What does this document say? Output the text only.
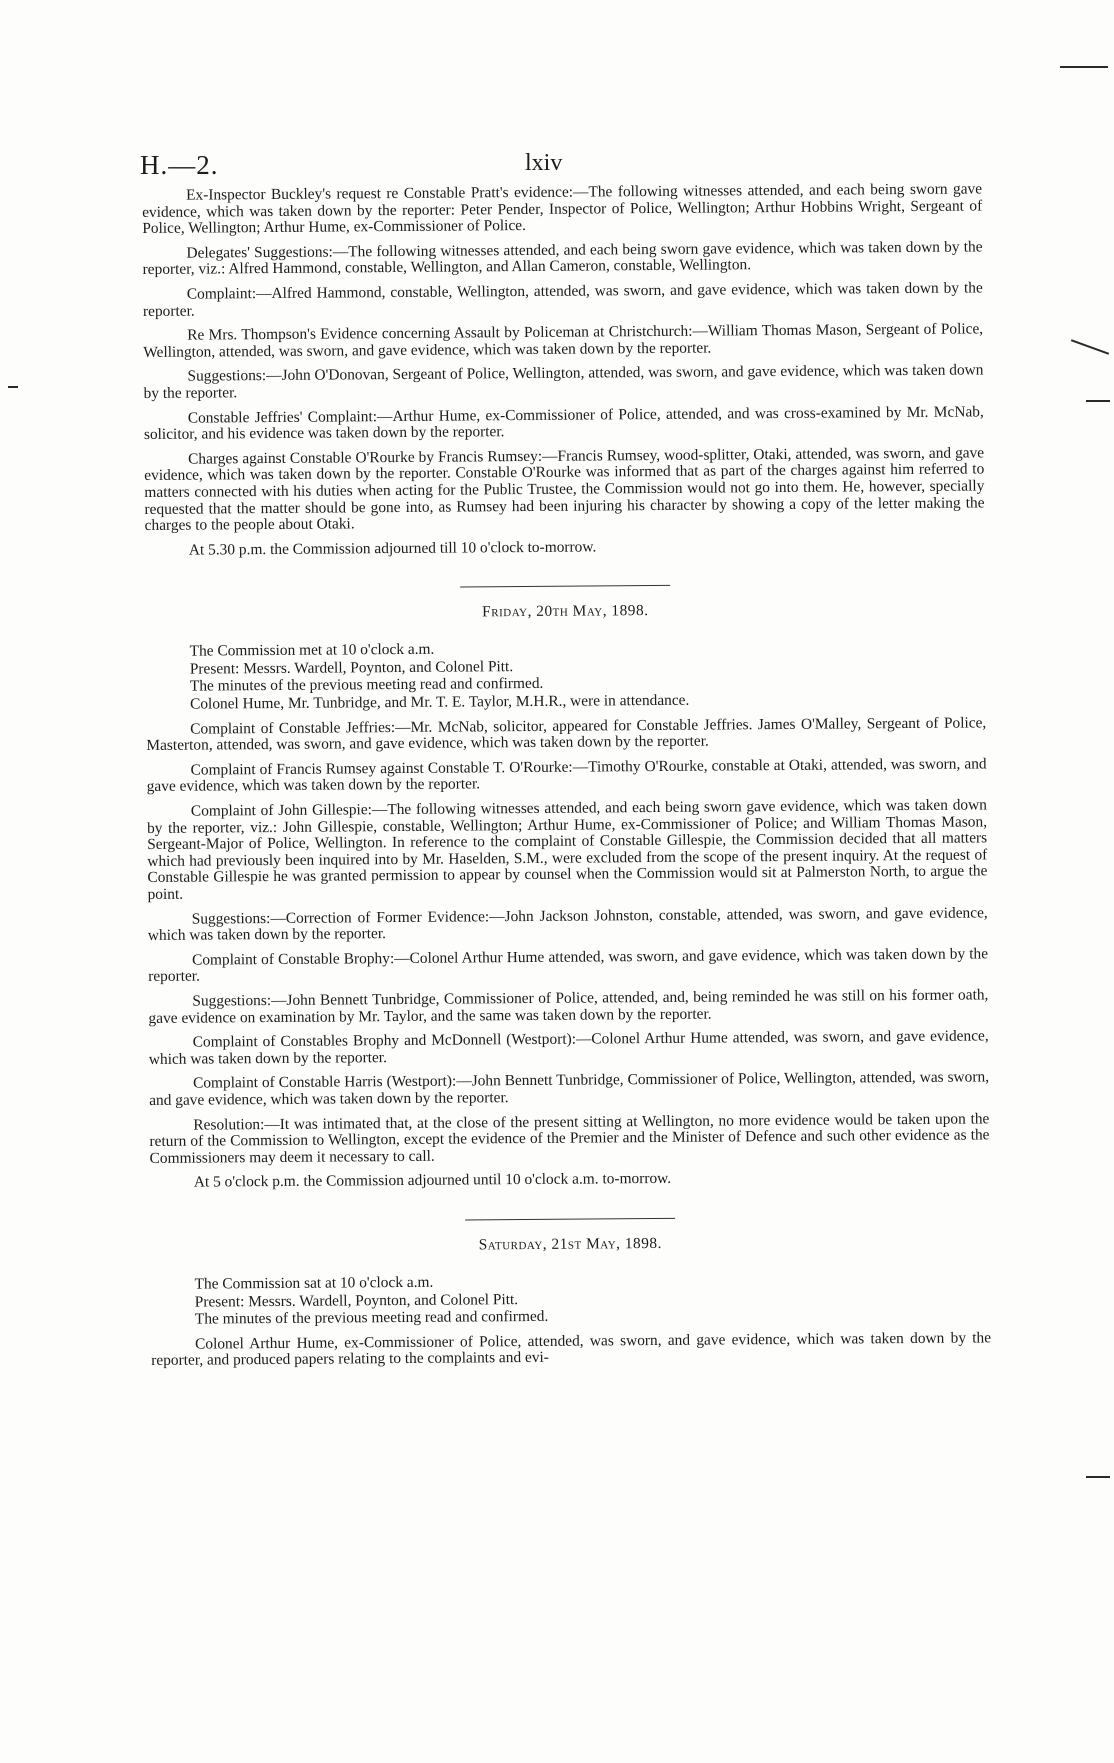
H.—2.	lxiv

Ex-Inspector Buckley's request re Constable Pratt's evidence:—The following witnesses attended, and each being sworn gave evidence, which was taken down by the reporter: Peter Pender, Inspector of Police, Wellington; Arthur Hobbins Wright, Sergeant of Police, Wellington; Arthur Hume, ex-Commissioner of Police.

Delegates' Suggestions:—The following witnesses attended, and each being sworn gave evidence, which was taken down by the reporter, viz.: Alfred Hammond, constable, Wellington, and Allan Cameron, constable, Wellington.

Complaint:—Alfred Hammond, constable, Wellington, attended, was sworn, and gave evidence, which was taken down by the reporter.

Re Mrs. Thompson's Evidence concerning Assault by Policeman at Christchurch:—William Thomas Mason, Sergeant of Police, Wellington, attended, was sworn, and gave evidence, which was taken down by the reporter.

Suggestions:—John O'Donovan, Sergeant of Police, Wellington, attended, was sworn, and gave evidence, which was taken down by the reporter.

Constable Jeffries' Complaint:—Arthur Hume, ex-Commissioner of Police, attended, and was cross-examined by Mr. McNab, solicitor, and his evidence was taken down by the reporter.

Charges against Constable O'Rourke by Francis Rumsey:—Francis Rumsey, wood-splitter, Otaki, attended, was sworn, and gave evidence, which was taken down by the reporter. Constable O'Rourke was informed that as part of the charges against him referred to matters connected with his duties when acting for the Public Trustee, the Commission would not go into them. He, however, specially requested that the matter should be gone into, as Rumsey had been injuring his character by showing a copy of the letter making the charges to the people about Otaki.

At 5.30 p.m. the Commission adjourned till 10 o'clock to-morrow.

Friday, 20th May, 1898.
The Commission met at 10 o'clock a.m.
Present: Messrs. Wardell, Poynton, and Colonel Pitt.
The minutes of the previous meeting read and confirmed.
Colonel Hume, Mr. Tunbridge, and Mr. T. E. Taylor, M.H.R., were in attendance.

Complaint of Constable Jeffries:—Mr. McNab, solicitor, appeared for Constable Jeffries. James O'Malley, Sergeant of Police, Masterton, attended, was sworn, and gave evidence, which was taken down by the reporter.

Complaint of Francis Rumsey against Constable T. O'Rourke:—Timothy O'Rourke, constable at Otaki, attended, was sworn, and gave evidence, which was taken down by the reporter.

Complaint of John Gillespie:—The following witnesses attended, and each being sworn gave evidence, which was taken down by the reporter, viz.: John Gillespie, constable, Wellington; Arthur Hume, ex-Commissioner of Police; and William Thomas Mason, Sergeant-Major of Police, Wellington. In reference to the complaint of Constable Gillespie, the Commission decided that all matters which had previously been inquired into by Mr. Haselden, S.M., were excluded from the scope of the present inquiry. At the request of Constable Gillespie he was granted permission to appear by counsel when the Commission would sit at Palmerston North, to argue the point.

Suggestions:—Correction of Former Evidence:—John Jackson Johnston, constable, attended, was sworn, and gave evidence, which was taken down by the reporter.

Complaint of Constable Brophy:—Colonel Arthur Hume attended, was sworn, and gave evidence, which was taken down by the reporter.

Suggestions:—John Bennett Tunbridge, Commissioner of Police, attended, and, being reminded he was still on his former oath, gave evidence on examination by Mr. Taylor, and the same was taken down by the reporter.

Complaint of Constables Brophy and McDonnell (Westport):—Colonel Arthur Hume attended, was sworn, and gave evidence, which was taken down by the reporter.

Complaint of Constable Harris (Westport):—John Bennett Tunbridge, Commissioner of Police, Wellington, attended, was sworn, and gave evidence, which was taken down by the reporter.

Resolution:—It was intimated that, at the close of the present sitting at Wellington, no more evidence would be taken upon the return of the Commission to Wellington, except the evidence of the Premier and the Minister of Defence and such other evidence as the Commissioners may deem it necessary to call.

At 5 o'clock p.m. the Commission adjourned until 10 o'clock a.m. to-morrow.

Saturday, 21st May, 1898.
The Commission sat at 10 o'clock a.m.
Present: Messrs. Wardell, Poynton, and Colonel Pitt.
The minutes of the previous meeting read and confirmed.

Colonel Arthur Hume, ex-Commissioner of Police, attended, was sworn, and gave evidence, which was taken down by the reporter, and produced papers relating to the complaints and evi-
